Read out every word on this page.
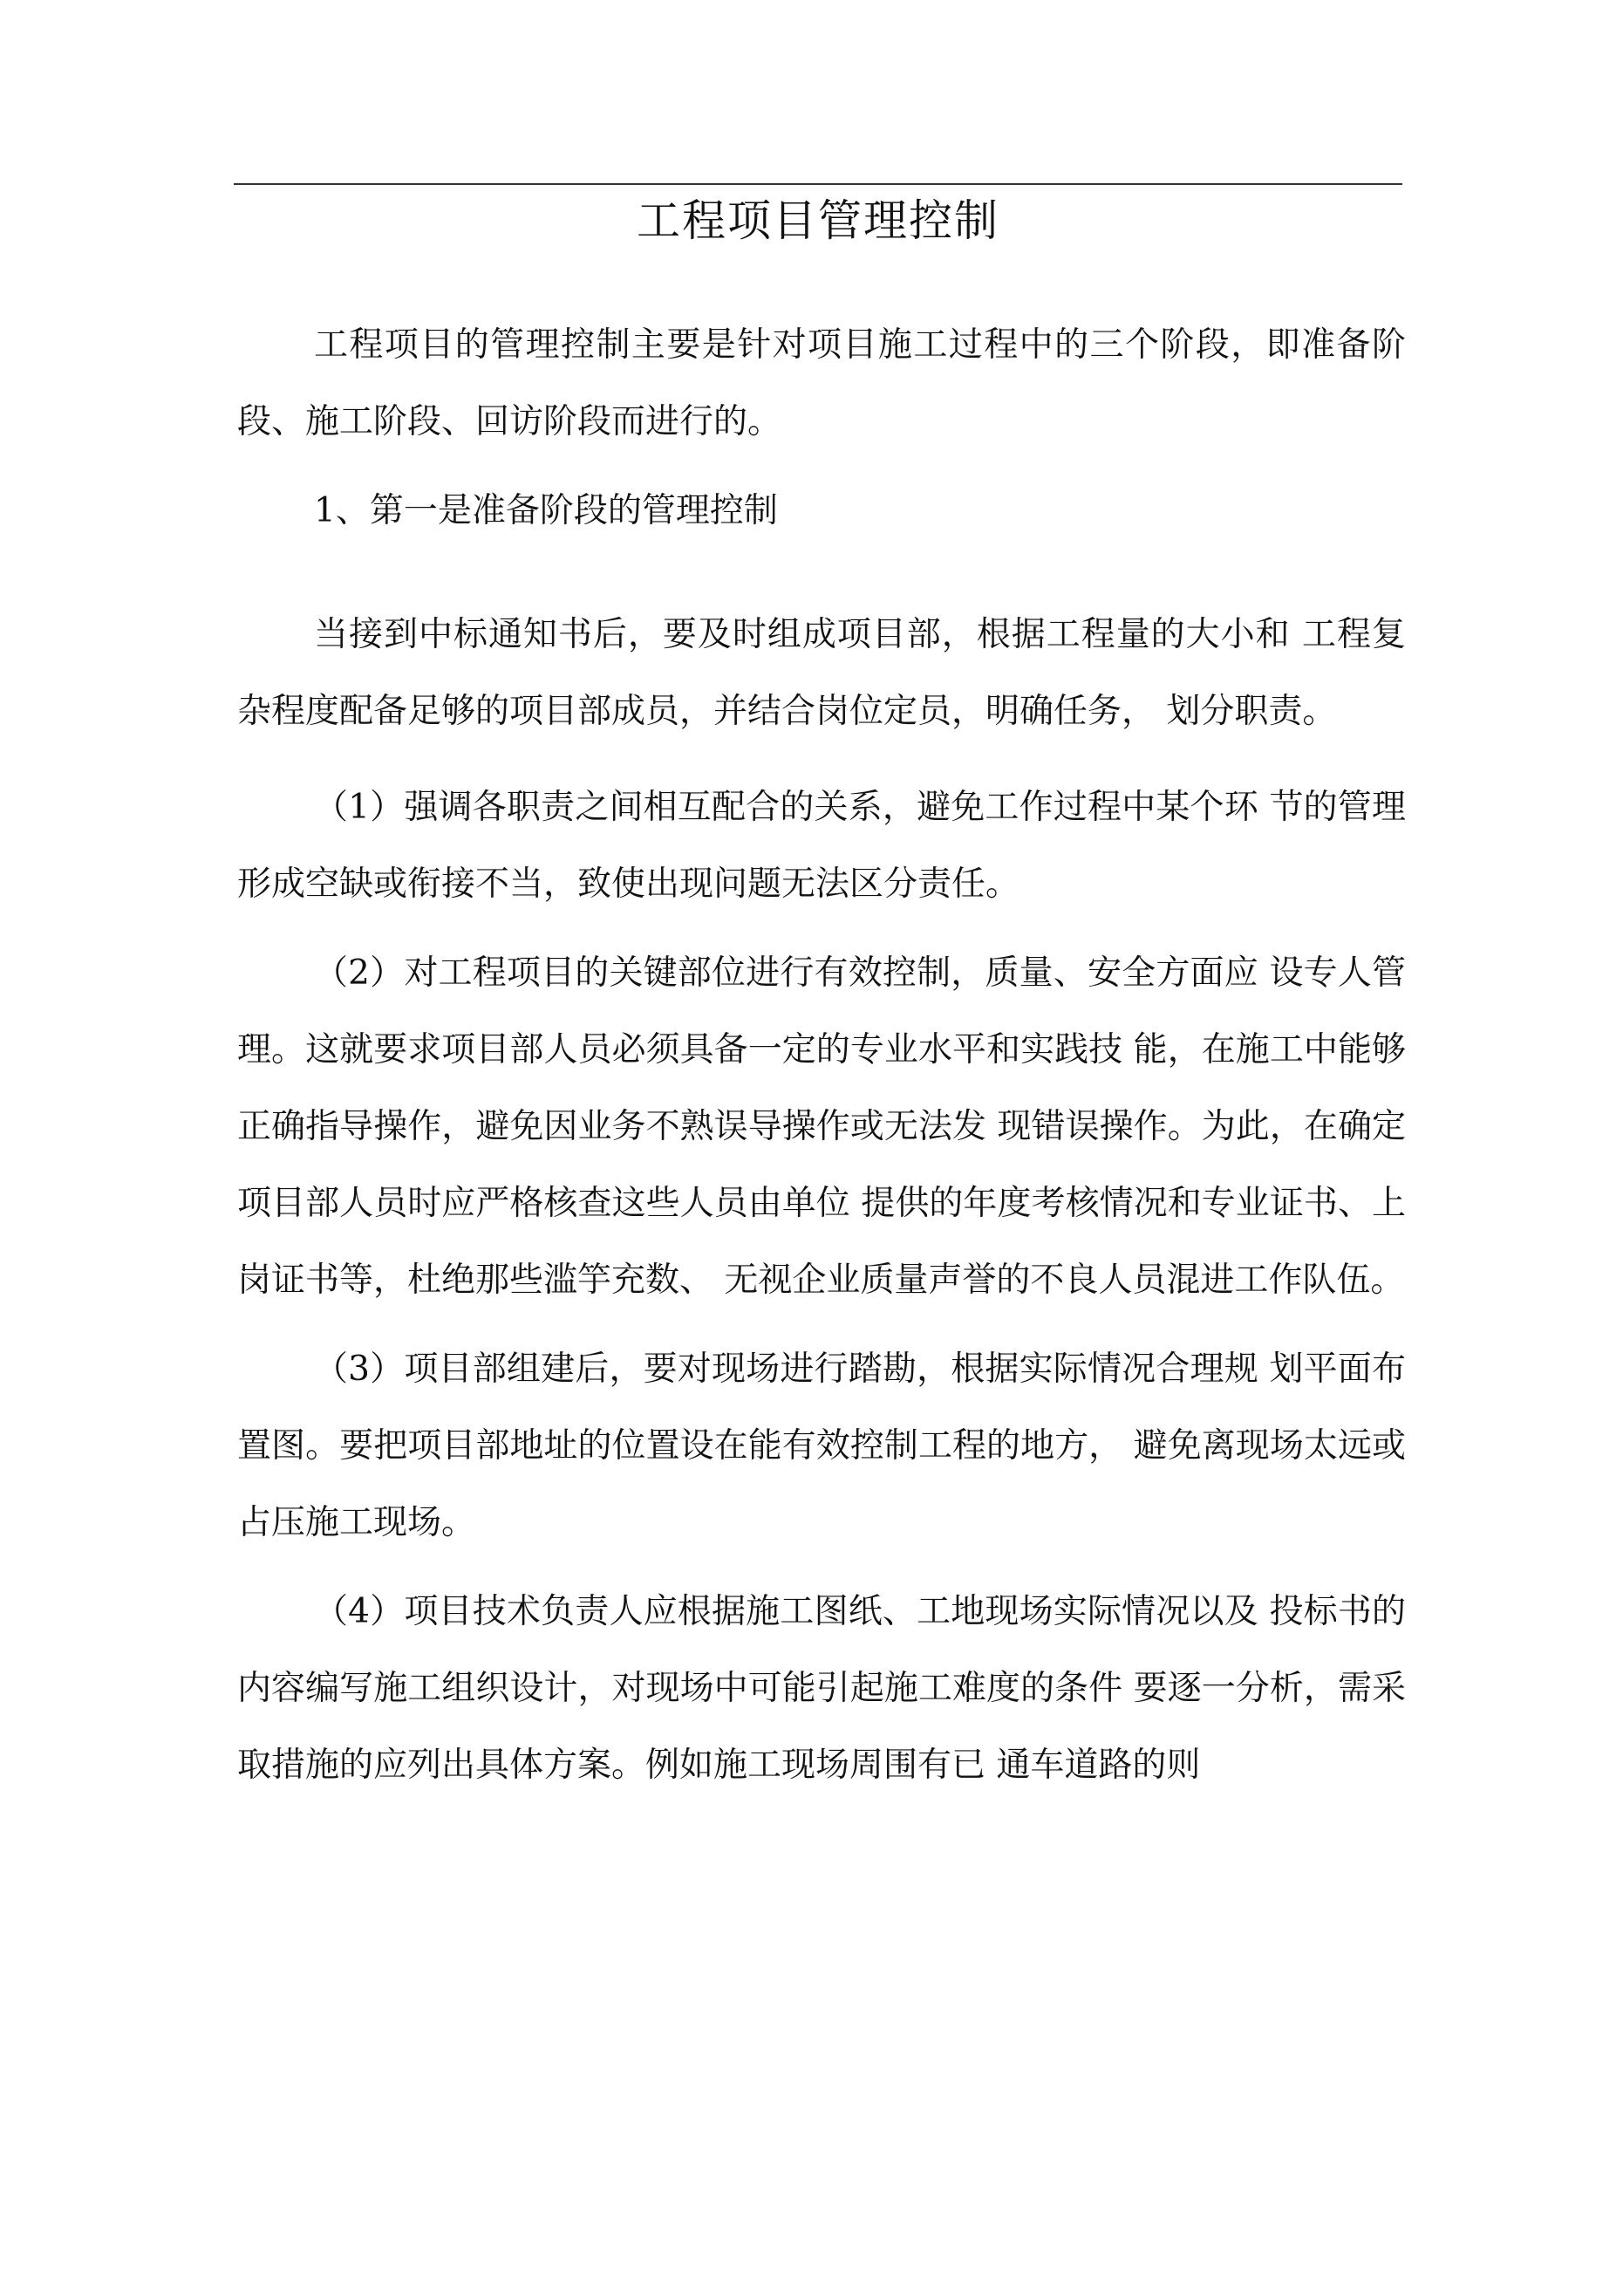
工程项目管理控制

工程项目的管理控制主要是针对项目施工过程中的三个阶段，即准备阶段、施工阶段、回访阶段而进行的。

1、第一是准备阶段的管理控制

当接到中标通知书后，要及时组成项目部，根据工程量的大小和 工程复杂程度配备足够的项目部成员，并结合岗位定员，明确任务， 划分职责。

（1）强调各职责之间相互配合的关系，避免工作过程中某个环 节的管理形成空缺或衔接不当，致使出现问题无法区分责任。

（2）对工程项目的关键部位进行有效控制，质量、安全方面应 设专人管理。这就要求项目部人员必须具备一定的专业水平和实践技 能，在施工中能够正确指导操作，避免因业务不熟误导操作或无法发 现错误操作。为此，在确定项目部人员时应严格核查这些人员由单位 提供的年度考核情况和专业证书、上岗证书等，杜绝那些滥竽充数、 无视企业质量声誉的不良人员混进工作队伍。

（3）项目部组建后，要对现场进行踏勘，根据实际情况合理规 划平面布置图。要把项目部地址的位置设在能有效控制工程的地方， 避免离现场太远或占压施工现场。

（4）项目技术负责人应根据施工图纸、工地现场实际情况以及 投标书的内容编写施工组织设计，对现场中可能引起施工难度的条件 要逐一分析，需采取措施的应列出具体方案。例如施工现场周围有已 通车道路的则
